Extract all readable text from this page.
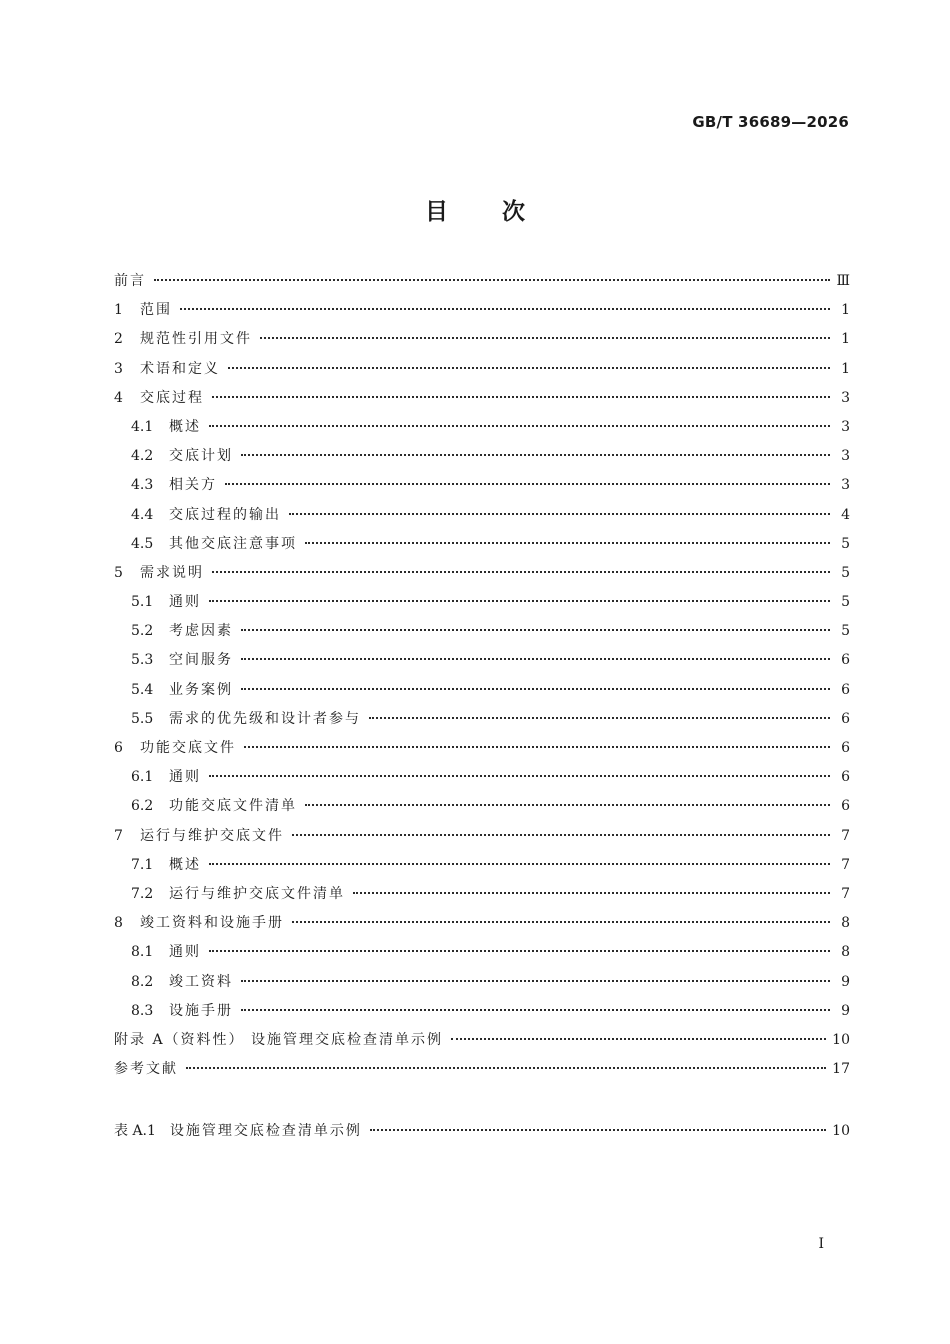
GB/T 36689—2026
目次
前言	Ⅲ
1	范围	1
2	规范性引用文件	1
3	术语和定义	1
4	交底过程	3
4.1	概述	3
4.2	交底计划	3
4.3	相关方	3
4.4	交底过程的输出	4
4.5	其他交底注意事项	5
5	需求说明	5
5.1	通则	5
5.2	考虑因素	5
5.3	空间服务	6
5.4	业务案例	6
5.5	需求的优先级和设计者参与	6
6	功能交底文件	6
6.1	通则	6
6.2	功能交底文件清单	6
7	运行与维护交底文件	7
7.1	概述	7
7.2	运行与维护交底文件清单	7
8	竣工资料和设施手册	8
8.1	通则	8
8.2	竣工资料	9
8.3	设施手册	9
附录 A（资料性） 设施管理交底检查清单示例	10
参考文献	17
表 A.1 设施管理交底检查清单示例	10
I
